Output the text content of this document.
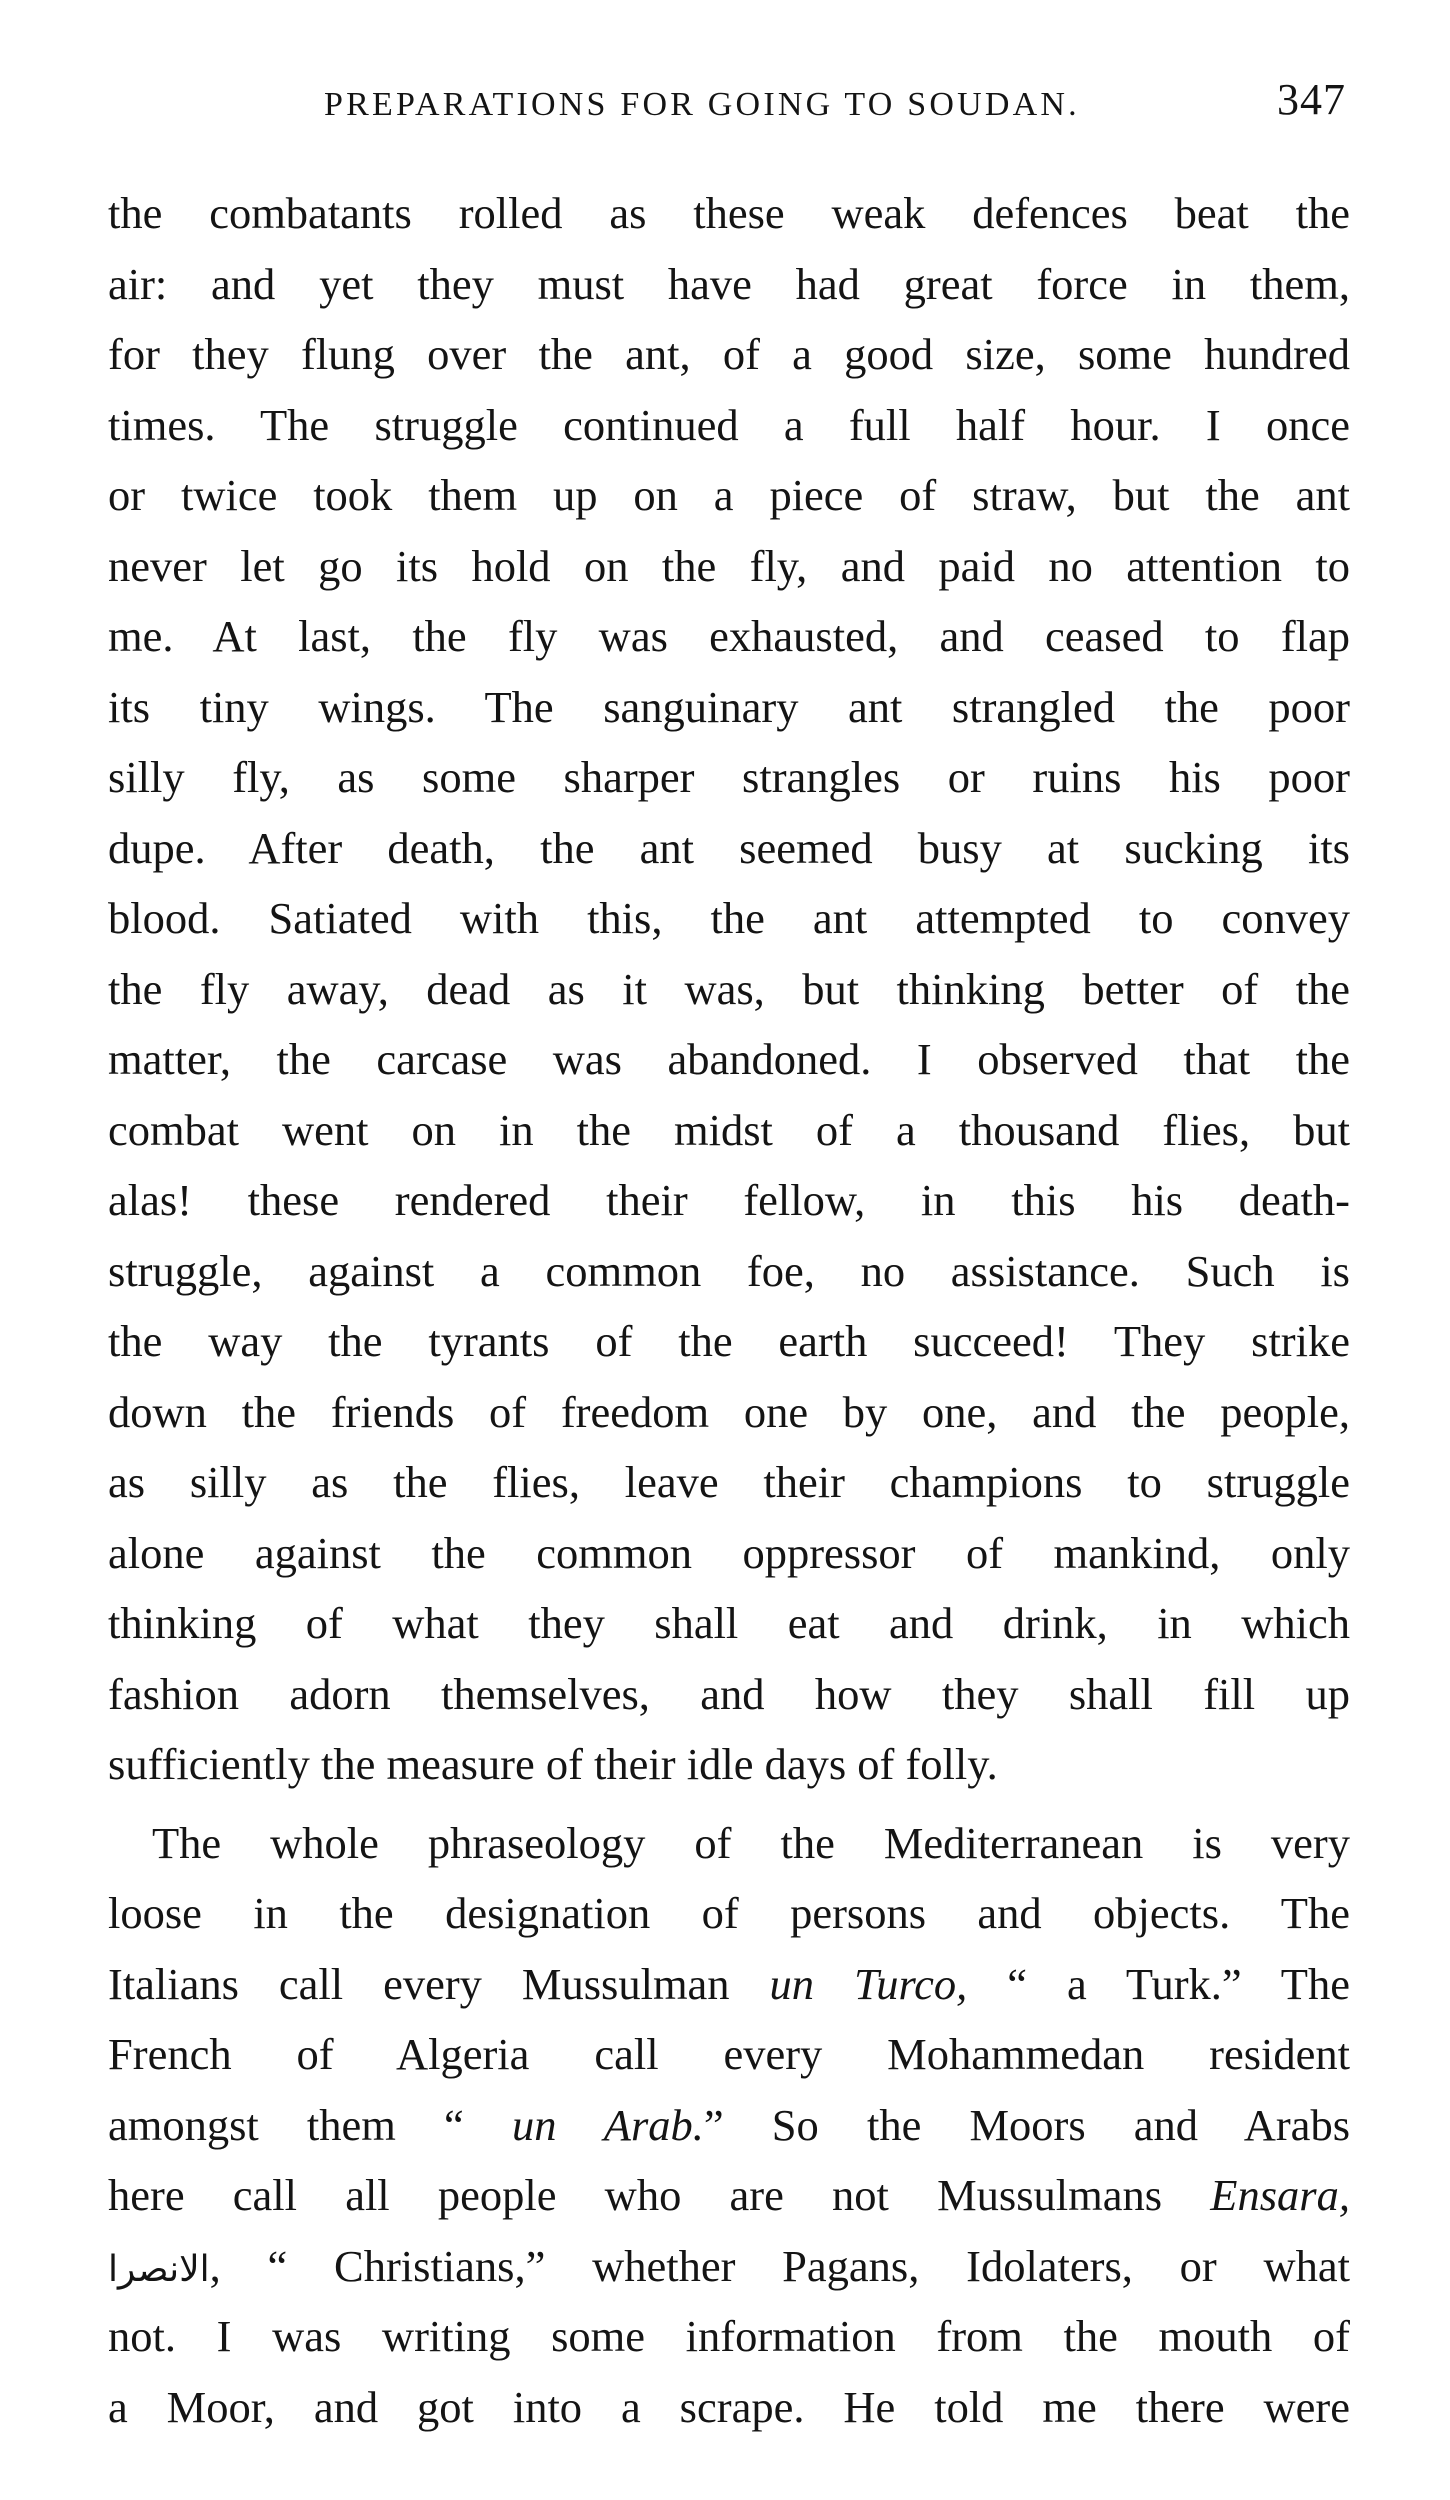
PREPARATIONS FOR GOING TO SOUDAN.	347
the combatants rolled as these weak defences beat the
air: and yet they must have had great force in them,
for they flung over the ant, of a good size, some hundred
times. The struggle continued a full half hour. I once
or twice took them up on a piece of straw, but the ant
never let go its hold on the fly, and paid no attention to
me. At last, the fly was exhausted, and ceased to flap
its tiny wings. The sanguinary ant strangled the poor
silly fly, as some sharper strangles or ruins his poor
dupe. After death, the ant seemed busy at sucking its
blood. Satiated with this, the ant attempted to convey
the fly away, dead as it was, but thinking better of the
matter, the carcase was abandoned. I observed that the
combat went on in the midst of a thousand flies, but
alas! these rendered their fellow, in this his death-
struggle, against a common foe, no assistance. Such is
the way the tyrants of the earth succeed! They strike
down the friends of freedom one by one, and the people,
as silly as the flies, leave their champions to struggle
alone against the common oppressor of mankind, only
thinking of what they shall eat and drink, in which
fashion adorn themselves, and how they shall fill up
sufficiently the measure of their idle days of folly.
The whole phraseology of the Mediterranean is very
loose in the designation of persons and objects. The
Italians call every Mussulman un Turco, “ a Turk.” The
French of Algeria call every Mohammedan resident
amongst them “ un Arab.” So the Moors and Arabs
here call all people who are not Mussulmans Ensara,
الانصرا, “ Christians,” whether Pagans, Idolaters, or what
not. I was writing some information from the mouth of
a Moor, and got into a scrape. He told me there were
